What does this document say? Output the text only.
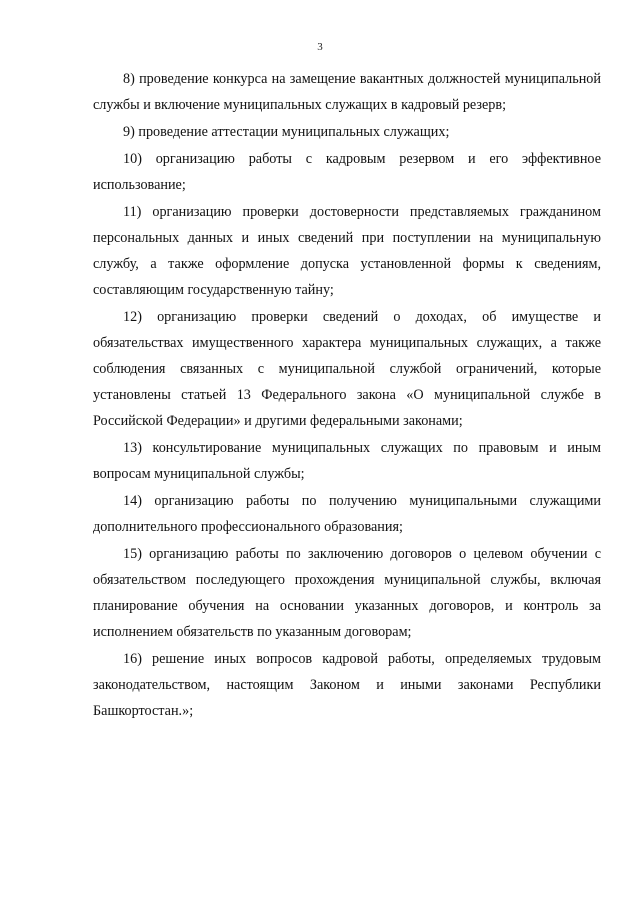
3

8) проведение конкурса на замещение вакантных должностей муниципальной службы и включение муниципальных служащих в кадровый резерв;

9) проведение аттестации муниципальных служащих;

10) организацию работы с кадровым резервом и его эффективное использование;

11) организацию проверки достоверности представляемых гражданином персональных данных и иных сведений при поступлении на муниципальную службу, а также оформление допуска установленной формы к сведениям, составляющим государственную тайну;

12) организацию проверки сведений о доходах, об имуществе и обязательствах имущественного характера муниципальных служащих, а также соблюдения связанных с муниципальной службой ограничений, которые установлены статьей 13 Федерального закона «О муниципальной службе в Российской Федерации» и другими федеральными законами;

13) консультирование муниципальных служащих по правовым и иным вопросам муниципальной службы;

14) организацию работы по получению муниципальными служащими дополнительного профессионального образования;

15) организацию работы по заключению договоров о целевом обучении с обязательством последующего прохождения муниципальной службы, включая планирование обучения на основании указанных договоров, и контроль за исполнением обязательств по указанным договорам;

16) решение иных вопросов кадровой работы, определяемых трудовым законодательством, настоящим Законом и иными законами Республики Башкортостан.»;
